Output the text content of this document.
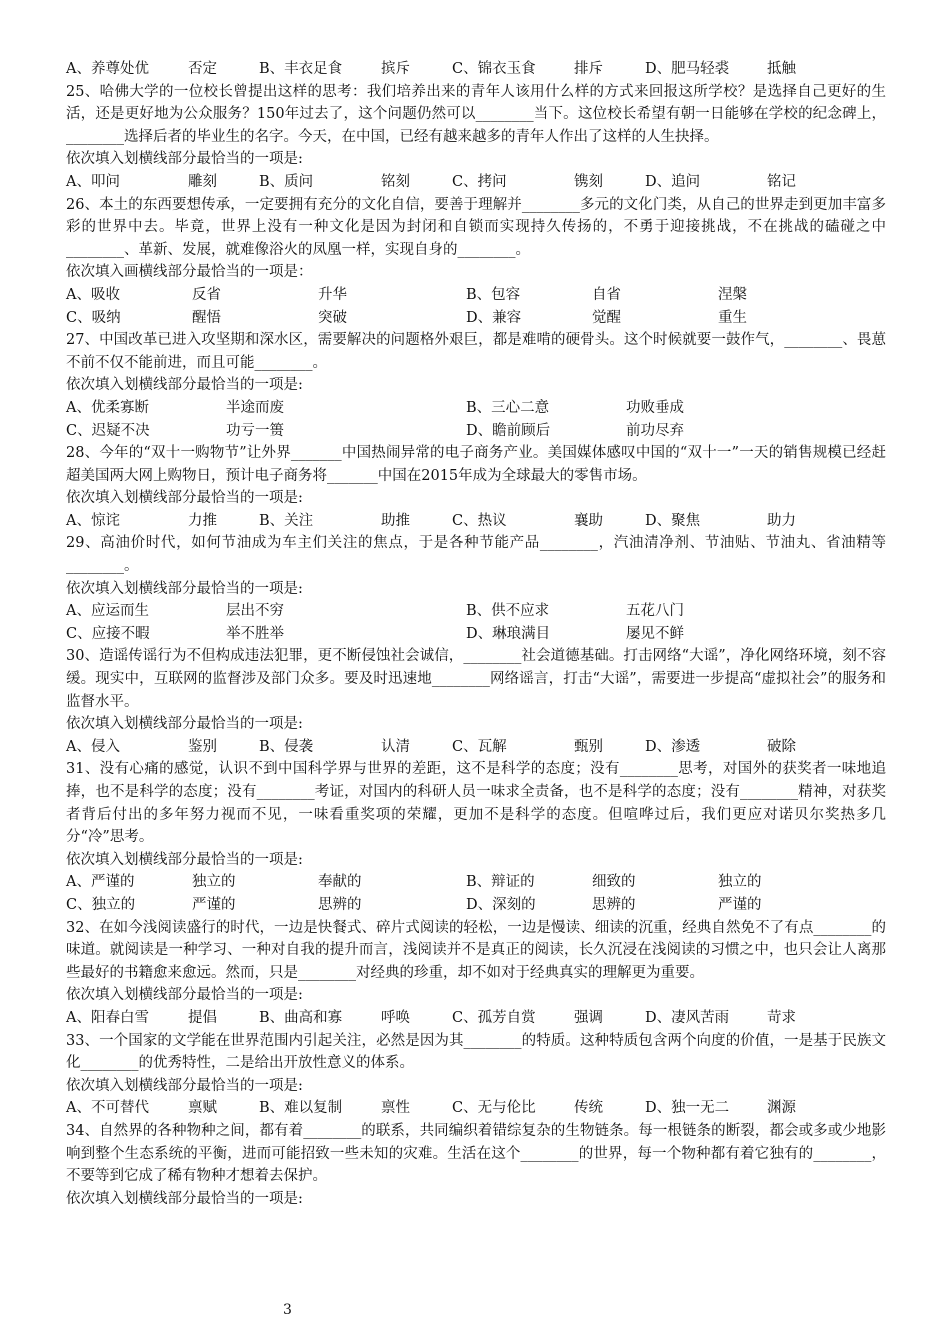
A、养尊处优	否定	B、丰衣足食	摈斥	C、锦衣玉食	排斥	D、肥马轻裘	抵触

25、哈佛大学的一位校长曾提出这样的思考：我们培养出来的青年人该用什么样的方式来回报这所学校？是选择自己更好的生活，还是更好地为公众服务？150年过去了，这个问题仍然可以________当下。这位校长希望有朝一日能够在学校的纪念碑上，________选择后者的毕业生的名字。今天，在中国，已经有越来越多的青年人作出了这样的人生抉择。

依次填入划横线部分最恰当的一项是:

A、叩问	雕刻	B、质问	铭刻	C、拷问	镌刻	D、追问	铭记

26、本土的东西要想传承，一定要拥有充分的文化自信，要善于理解并________多元的文化门类，从自己的世界走到更加丰富多彩的世界中去。毕竟，世界上没有一种文化是因为封闭和自锁而实现持久传扬的，不勇于迎接挑战，不在挑战的磕碰之中________、革新、发展，就难像浴火的凤凰一样，实现自身的________。

依次填入画横线部分最恰当的一项是：

A、吸收	反省	升华	B、包容	自省	涅槃
C、吸纳	醒悟	突破	D、兼容	觉醒	重生

27、中国改革已进入攻坚期和深水区，需要解决的问题格外艰巨，都是难啃的硬骨头。这个时候就要一鼓作气，________、畏葸不前不仅不能前进，而且可能________。

依次填入划横线部分最恰当的一项是:

A、优柔寡断	半途而废	B、三心二意	功败垂成
C、迟疑不决	功亏一篑	D、瞻前顾后	前功尽弃

28、今年的“双十一购物节”让外界_______中国热闹异常的电子商务产业。美国媒体感叹中国的“双十一”一天的销售规模已经赶超美国两大网上购物日，预计电子商务将_______中国在2015年成为全球最大的零售市场。

依次填入划横线部分最恰当的一项是:

A、惊诧	力推	B、关注	助推	C、热议	襄助	D、聚焦	助力

29、高油价时代，如何节油成为车主们关注的焦点，于是各种节能产品________，汽油清净剂、节油贴、节油丸、省油精等________。

依次填入划横线部分最恰当的一项是:

A、应运而生	层出不穷	B、供不应求	五花八门
C、应接不暇	举不胜举	D、琳琅满目	屡见不鲜

30、造谣传谣行为不但构成违法犯罪，更不断侵蚀社会诚信，________社会道德基础。打击网络“大谣”，净化网络环境，刻不容缓。现实中，互联网的监督涉及部门众多。要及时迅速地________网络谣言，打击“大谣”，需要进一步提高“虚拟社会”的服务和监督水平。

依次填入划横线部分最恰当的一项是:

A、侵入	鉴别	B、侵袭	认清	C、瓦解	甄别	D、渗透	破除

31、没有心痛的感觉，认识不到中国科学界与世界的差距，这不是科学的态度；没有________思考，对国外的获奖者一味地追捧，也不是科学的态度；没有________考证，对国内的科研人员一味求全责备，也不是科学的态度；没有________精神，对获奖者背后付出的多年努力视而不见，一味看重奖项的荣耀，更加不是科学的态度。但喧哗过后，我们更应对诺贝尔奖热多几分“冷”思考。

依次填入划横线部分最恰当的一项是:

A、严谨的	独立的	奉献的	B、辩证的	细致的	独立的
C、独立的	严谨的	思辨的	D、深刻的	思辨的	严谨的

32、在如今浅阅读盛行的时代，一边是快餐式、碎片式阅读的轻松，一边是慢读、细读的沉重，经典自然免不了有点________的味道。就阅读是一种学习、一种对自我的提升而言，浅阅读并不是真正的阅读，长久沉浸在浅阅读的习惯之中，也只会让人离那些最好的书籍愈来愈远。然而，只是________对经典的珍重，却不如对于经典真实的理解更为重要。

依次填入划横线部分最恰当的一项是:

A、阳春白雪	提倡	B、曲高和寡	呼唤	C、孤芳自赏	强调	D、凄风苦雨	苛求

33、一个国家的文学能在世界范围内引起关注，必然是因为其________的特质。这种特质包含两个向度的价值，一是基于民族文化________的优秀特性，二是给出开放性意义的体系。

依次填入划横线部分最恰当的一项是:

A、不可替代	禀赋	B、难以复制	禀性	C、无与伦比	传统	D、独一无二	渊源

34、自然界的各种物种之间，都有着________的联系，共同编织着错综复杂的生物链条。每一根链条的断裂，都会或多或少地影响到整个生态系统的平衡，进而可能招致一些未知的灾难。生活在这个________的世界，每一个物种都有着它独有的________，不要等到它成了稀有物种才想着去保护。

依次填入划横线部分最恰当的一项是:

3
